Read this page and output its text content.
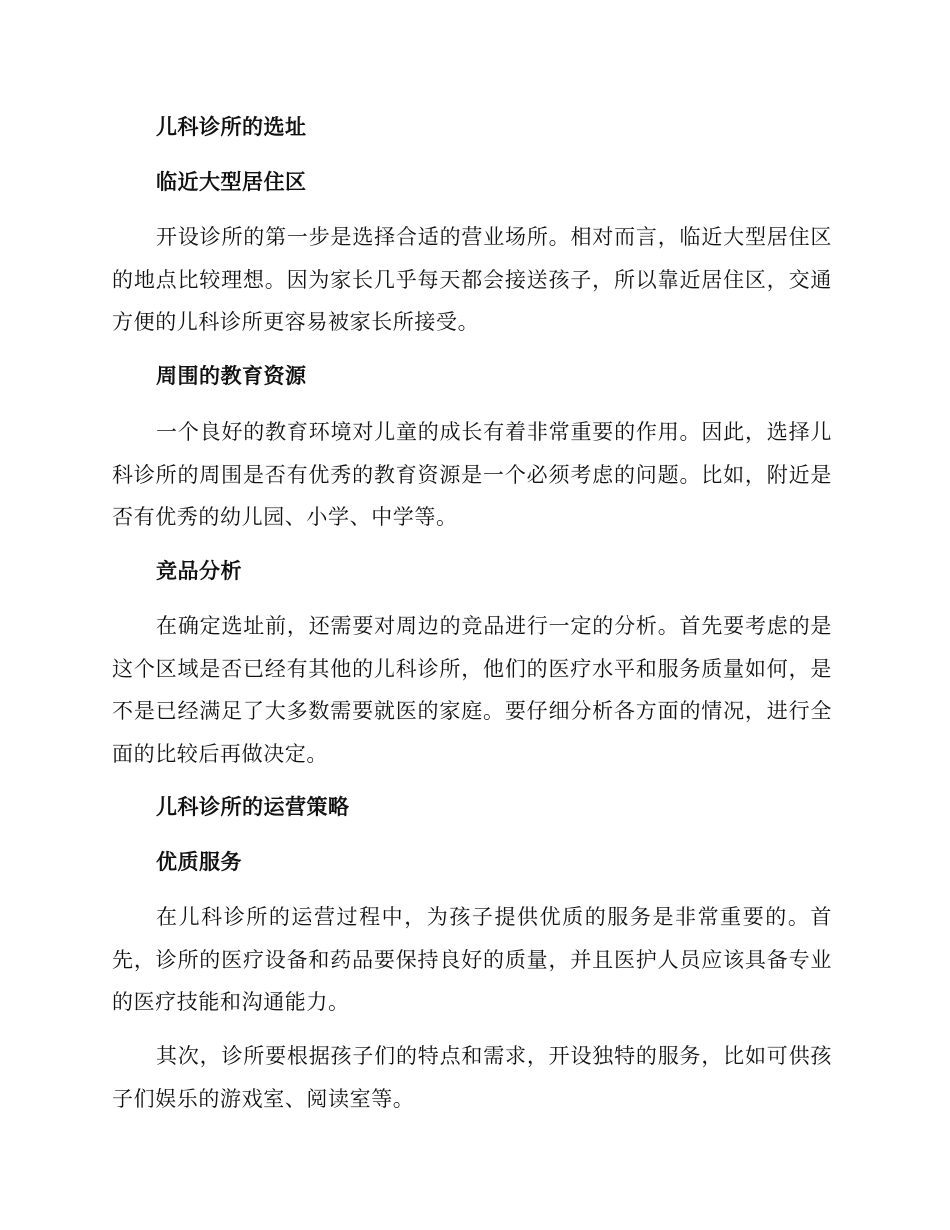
儿科诊所的选址
临近大型居住区

开设诊所的第一步是选择合适的营业场所。相对而言，临近大型居住区的地点比较理想。因为家长几乎每天都会接送孩子，所以靠近居住区，交通方便的儿科诊所更容易被家长所接受。

周围的教育资源

一个良好的教育环境对儿童的成长有着非常重要的作用。因此，选择儿科诊所的周围是否有优秀的教育资源是一个必须考虑的问题。比如，附近是否有优秀的幼儿园、小学、中学等。

竞品分析

在确定选址前，还需要对周边的竞品进行一定的分析。首先要考虑的是这个区域是否已经有其他的儿科诊所，他们的医疗水平和服务质量如何，是不是已经满足了大多数需要就医的家庭。要仔细分析各方面的情况，进行全面的比较后再做决定。

儿科诊所的运营策略
优质服务

在儿科诊所的运营过程中，为孩子提供优质的服务是非常重要的。首先，诊所的医疗设备和药品要保持良好的质量，并且医护人员应该具备专业的医疗技能和沟通能力。

其次，诊所要根据孩子们的特点和需求，开设独特的服务，比如可供孩子们娱乐的游戏室、阅读室等。
